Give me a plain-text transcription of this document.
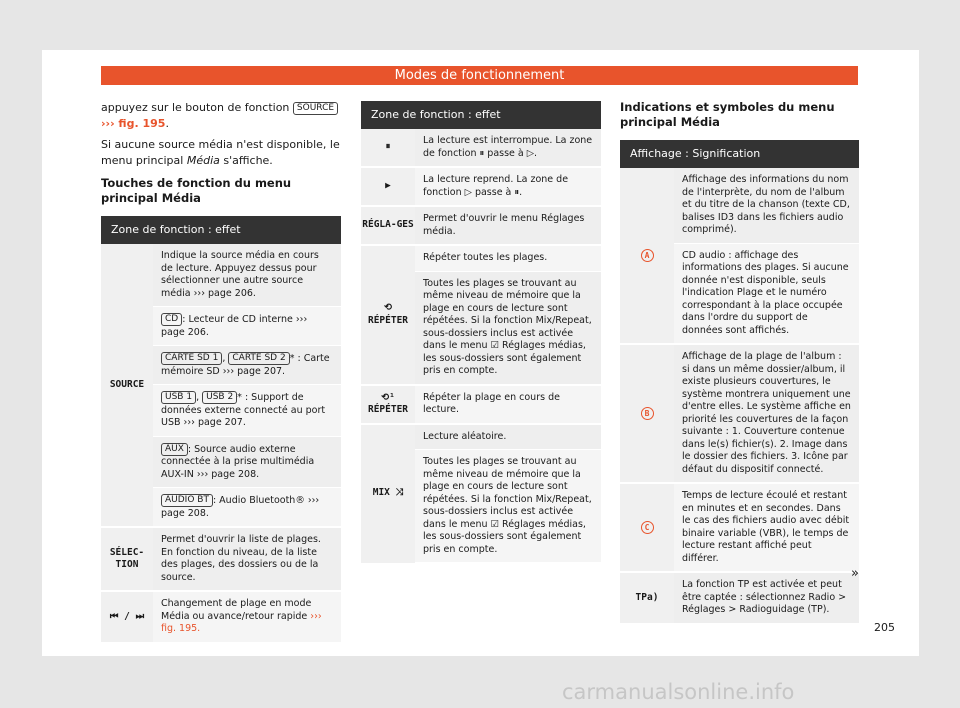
Modes de fonctionnement

appuyez sur le bouton de fonction SOURCE
››› fig. 195.

Si aucune source média n'est disponible, le menu principal Média s'affiche.

Touches de fonction du menu principal Média
Zone de fonction : effet	
SOURCE	Indique la source média en cours de lecture. Appuyez dessus pour sélectionner une autre source média ››› page 206.
	CD : Lecteur de CD interne ››› page 206.
	CARTE SD 1 , CARTE SD 2 * : Carte mémoire SD ››› page 207.
	USB 1 , USB 2 * : Support de données externe connecté au port USB ››› page 207.
	AUX : Source audio externe connectée à la prise multimédia AUX-IN ››› page 208.
	AUDIO BT : Audio Bluetooth® ››› page 208.
SÉLEC-TION	Permet d'ouvrir la liste de plages. En fonction du niveau, de la liste des plages, des dossiers ou de la source.
⏮ / ⏭	Changement de plage en mode Média ou avance/retour rapide ››› fig. 195.
Zone de fonction : effet	
⏸	La lecture est interrompue. La zone de fonction ⏸ passe à ▷.
▶	La lecture reprend. La zone de fonction ▷ passe à ⏸.
RÉGLA-GES	Permet d'ouvrir le menu Réglages média.

⟲
RÉPÉTER	Répéter toutes les plages.
	Toutes les plages se trouvant au même niveau de mémoire que la plage en cours de lecture sont répétées. Si la fonction Mix/Repeat, sous-dossiers inclus est activée dans le menu ☑ Réglages médias, les sous-dossiers sont également pris en compte.

⟲¹
RÉPÉTER	Répéter la plage en cours de lecture.
MIX ⤨	Lecture aléatoire.
	Toutes les plages se trouvant au même niveau de mémoire que la plage en cours de lecture sont répétées. Si la fonction Mix/Repeat, sous-dossiers inclus est activée dans le menu ☑ Réglages médias, les sous-dossiers sont également pris en compte.
Indications et symboles du menu principal Média
Affichage : Signification	
A	Affichage des informations du nom de l'interprète, du nom de l'album et du titre de la chanson (texte CD, balises ID3 dans les fichiers audio comprimé).
	CD audio : affichage des informations des plages. Si aucune donnée n'est disponible, seuls l'indication Plage et le numéro correspondant à la place occupée dans l'ordre du support de données sont affichés.
B	Affichage de la plage de l'album : si dans un même dossier/album, il existe plusieurs couvertures, le système montrera uniquement une d'entre elles. Le système affiche en priorité les couvertures de la façon suivante : 1. Couverture contenue dans le(s) fichier(s). 2. Image dans le dossier des fichiers. 3. Icône par défaut du dispositif connecté.
C	Temps de lecture écoulé et restant en minutes et en secondes. Dans le cas des fichiers audio avec débit binaire variable (VBR), le temps de lecture restant affiché peut différer.
TPa)	La fonction TP est activée et peut être captée : sélectionnez Radio > Réglages > Radioguidage (TP).
»
205
carmanualsonline.info
